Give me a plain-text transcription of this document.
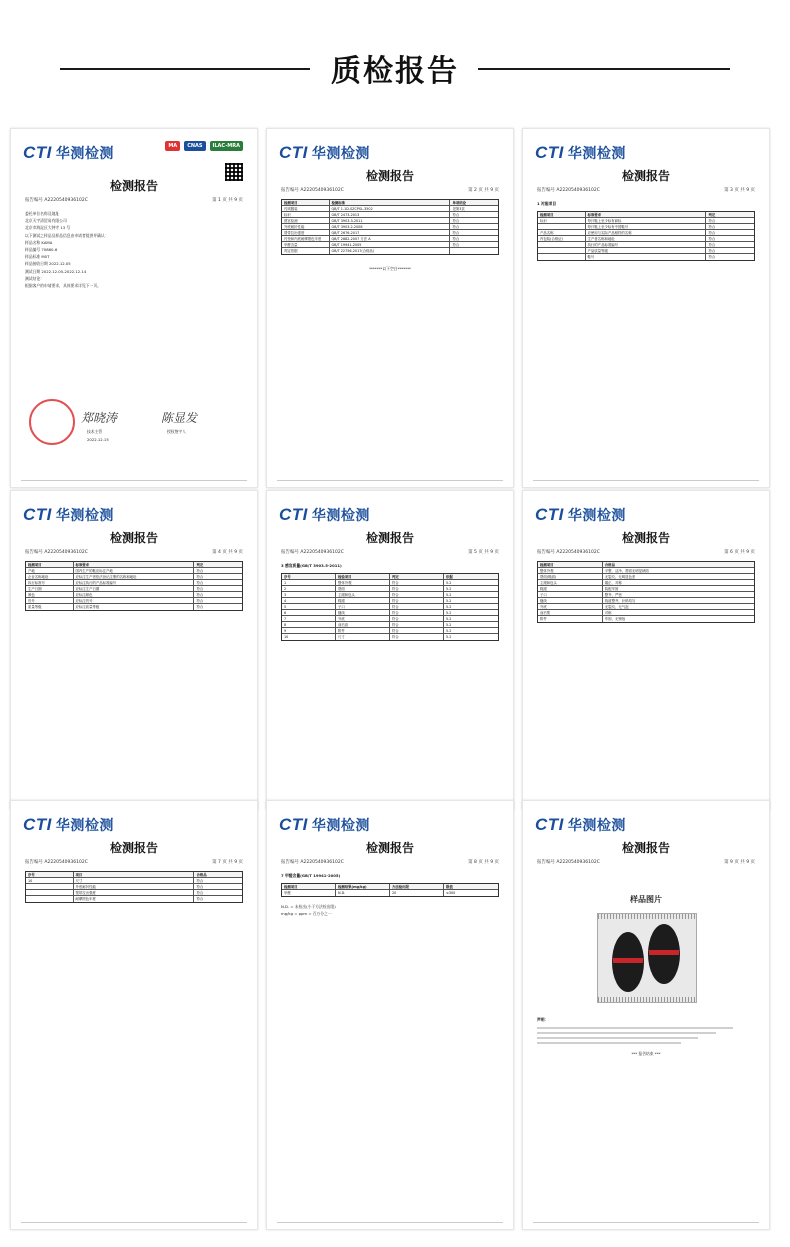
质检报告
CTI 华测检测
检测报告
报告编号 A2220540936102C	第 1 页 共 9 页
MA	CNAS	ILAC-MRA
委托单位名称及地址
北京天宇清贸易有限公司
北京市海淀区大钟寺 13 号
以下测试之样品及样品信息由申请者提供并确认：
样品名称 KAMA
样品编号 70860-6
样品标准 M0T
样品接收日期 2022.12.05
测试日期 2022.12.05-2022.12.14
测试结论：
根据客户的申请要求，具体要求详见下一页。
郑晓涛
技术主管
陈显发
授权签字人
2022.12.15
CTI 华测检测
检测报告
报告编号 A2220540936102C	第 2 页 共 9 页
检测项目	检测标准	单项结论
衬绒服装	QB/T 1.1D-SZCPSL-3502	见第3页
标识	GB/T 2473-2013	符合
感官检测	GB/T 3903.3-2011	符合
外底耐折性能	GB/T 3903.2-2008	符合
帮带拉出强度	QB/T 2676-2017	符合
衬垫和内底耐摩擦色牢度	QB/T 2882-2007 方法 A	符合
甲醛含量	GB/T 19941-2005	符合
判定依据	GB/T 22756-2017(合格品)
*******以下空白*******
CTI 华测检测
检测报告
报告编号 A2220540936102C	第 3 页 共 9 页
1 衬服项目
检测项目	标准要求	判定
标识	每只鞋上至少标有商标	符合
每只鞋上至少标有中国鞋号	符合
产品名称	应使用与实际产品相符的名称	符合
内包装(合格证)	生产者名称和地址	符合
执行的产品标准编号	符合
产品质量等级	符合
鞋号	符合
CTI 华测检测
检测报告
报告编号 A2220540936102C	第 4 页 共 9 页
检测项目	标准要求	判定
产地	国内生产的鞋应标注产地	符合
企业名称地址	应标注生产者依法登记注册的名称和地址	符合
执行标准号	应标注执行的产品标准编号	符合
生产日期	应标注生产日期	符合
颜色	应标注颜色	符合
货号	应标注货号	符合
质量等级	应标注质量等级	符合
CTI 华测检测
检测报告
报告编号 A2220540936102C	第 5 页 共 9 页
3 感官质量(GB/T 3903.5-2011)
序号	检验项目	判定	依据
1	整体外观	符合	5.2
2	帮面	符合	5.2
3	主跟和包头	符合	5.2
4	鞋跟	符合	5.2
5	子口	符合	5.2
6	缝线	符合	5.2
7	外底	符合	5.2
8	前后高	符合	5.2
9	附件	符合	5.2
10	尺寸	符合	5.2
CTI 华测检测
检测报告
报告编号 A2220540936102C	第 6 页 共 9 页
检测项目	合格品
整体外观	平整、洁净，帮面无明显缺陷
帮面(鞋面)	无裂纹、无明显色差
主跟和包头	端正、对称
鞋跟	装配牢固
子口	整齐、严密
缝线	线道整齐，针码均匀
外底	无裂纹、无气泡
前后帮	对称
附件	牢固、无锈蚀
CTI 华测检测
检测报告
报告编号 A2220540936102C	第 7 页 共 9 页
序号	项目	合格品
10	尺寸	符合
外底耐折性能	符合
帮带拉出强度	符合
耐摩擦色牢度	符合
CTI 华测检测
检测报告
报告编号 A2220540936102C	第 8 页 共 9 页
7 甲醛含量(GB/T 19941-2005)
检测项目	检测结果(mg/kg)	方法检出限	限值
甲醛	N.D.	20	≤300
N.D. = 未检出(小于方法检出限)
mg/kg = ppm = 百万分之一
CTI 华测检测
检测报告
报告编号 A2220540936102C	第 9 页 共 9 页
样品图片
声明：
*** 报告结束 ***
